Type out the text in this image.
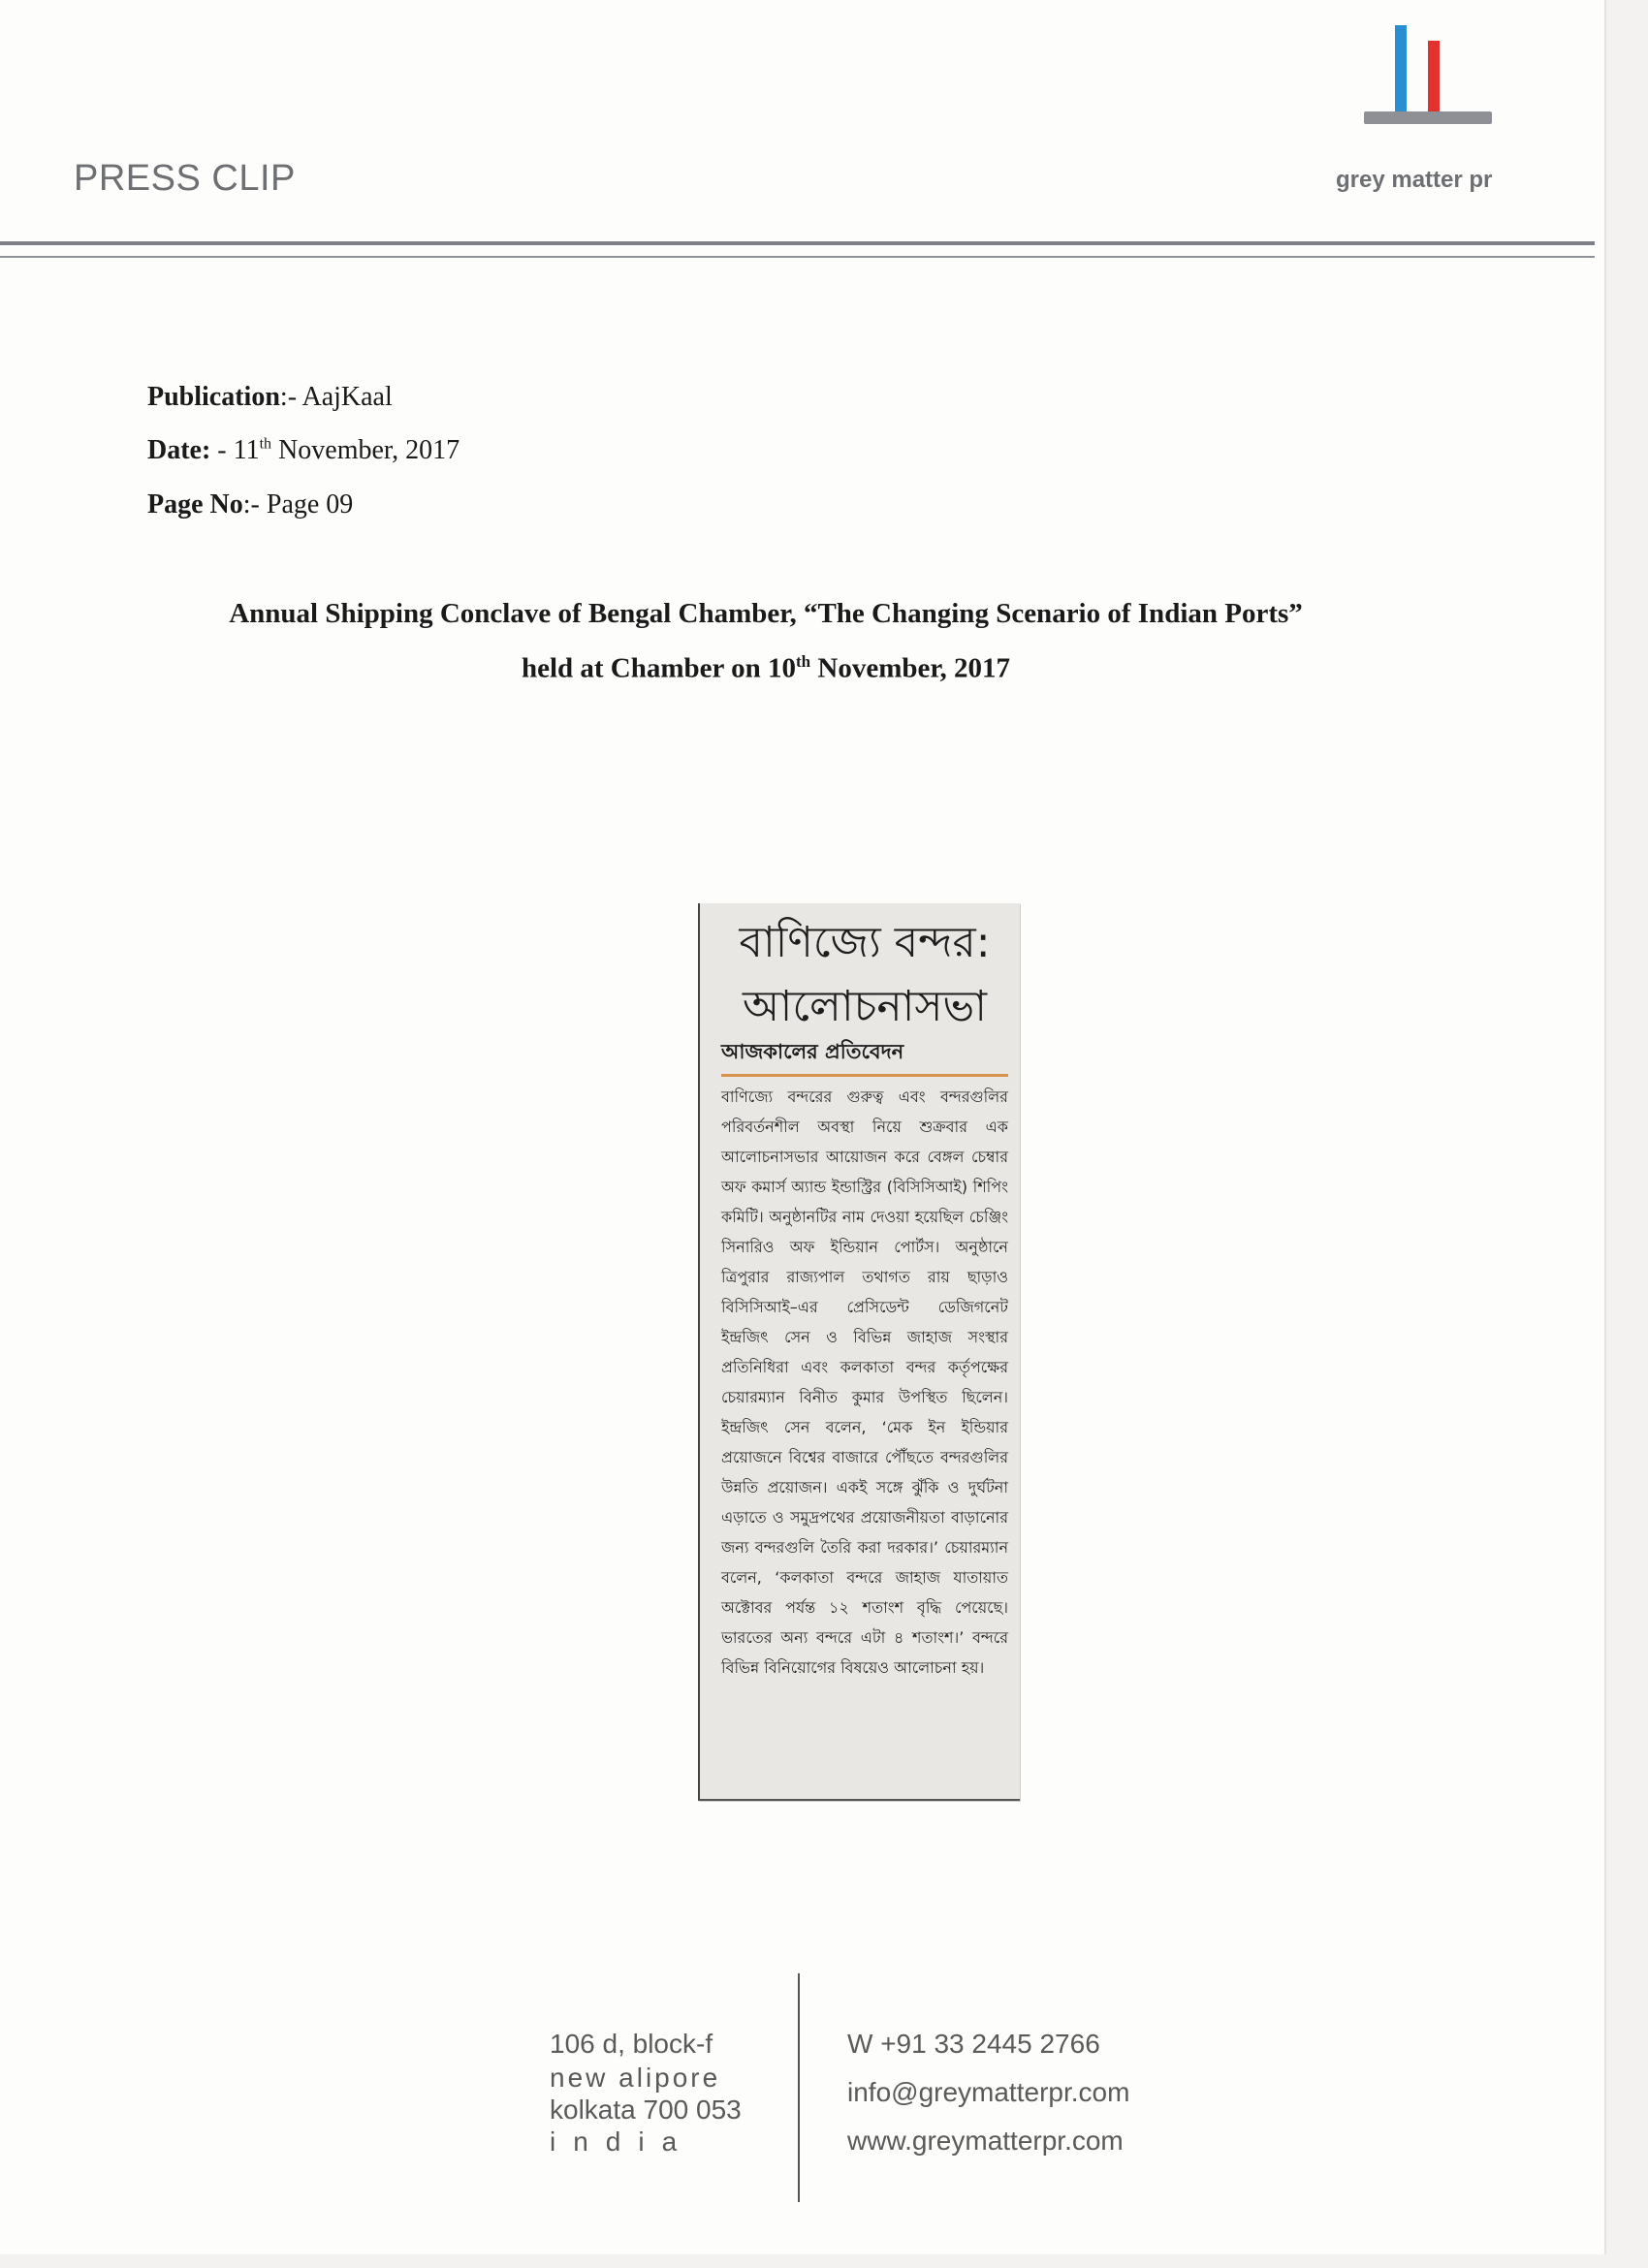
PRESS CLIP	grey matter pr
Publication:- AajKaal
Date: - 11th November, 2017
Page No:- Page 09
Annual Shipping Conclave of Bengal Chamber, “The Changing Scenario of Indian Ports”
held at Chamber on 10th November, 2017
বাণিজ্যে বন্দর:
আলোচনাসভা
আজকালের প্রতিবেদন
বাণিজ্যে বন্দরের গুরুত্ব এবং বন্দরগুলির পরিবর্তনশীল অবস্থা নিয়ে শুক্রবার এক আলোচনাসভার আয়োজন করে বেঙ্গল চেম্বার অফ কমার্স অ্যান্ড ইন্ডাস্ট্রির (বিসিসিআই) শিপিং কমিটি। অনুষ্ঠানটির নাম দেওয়া হয়েছিল চেঞ্জিং সিনারিও অফ ইন্ডিয়ান পোর্টস। অনুষ্ঠানে ত্রিপুরার রাজ্যপাল তথাগত রায় ছাড়াও বিসিসিআই–এর প্রেসিডেন্ট ডেজিগনেট ইন্দ্রজিৎ সেন ও বিভিন্ন জাহাজ সংস্থার প্রতিনিধিরা এবং কলকাতা বন্দর কর্তৃপক্ষের চেয়ারম্যান বিনীত কুমার উপস্থিত ছিলেন। ইন্দ্রজিৎ সেন বলেন, ‘মেক ইন ইন্ডিয়ার প্রয়োজনে বিশ্বের বাজারে পৌঁছতে বন্দরগুলির উন্নতি প্রয়োজন। একই সঙ্গে ঝুঁকি ও দুর্ঘটনা এড়াতে ও সমুদ্রপথের প্রয়োজনীয়তা বাড়ানোর জন্য বন্দরগুলি তৈরি করা দরকার।’ চেয়ারম্যান বলেন, ‘কলকাতা বন্দরে জাহাজ যাতায়াত অক্টোবর পর্যন্ত ১২ শতাংশ বৃদ্ধি পেয়েছে। ভারতের অন্য বন্দরে এটা ৪ শতাংশ।’ বন্দরে বিভিন্ন বিনিয়োগের বিষয়েও আলোচনা হয়।
106 d, block-f
new alipore
kolkata 700 053
india
W +91 33 2445 2766
info@greymatterpr.com
www.greymatterpr.com
